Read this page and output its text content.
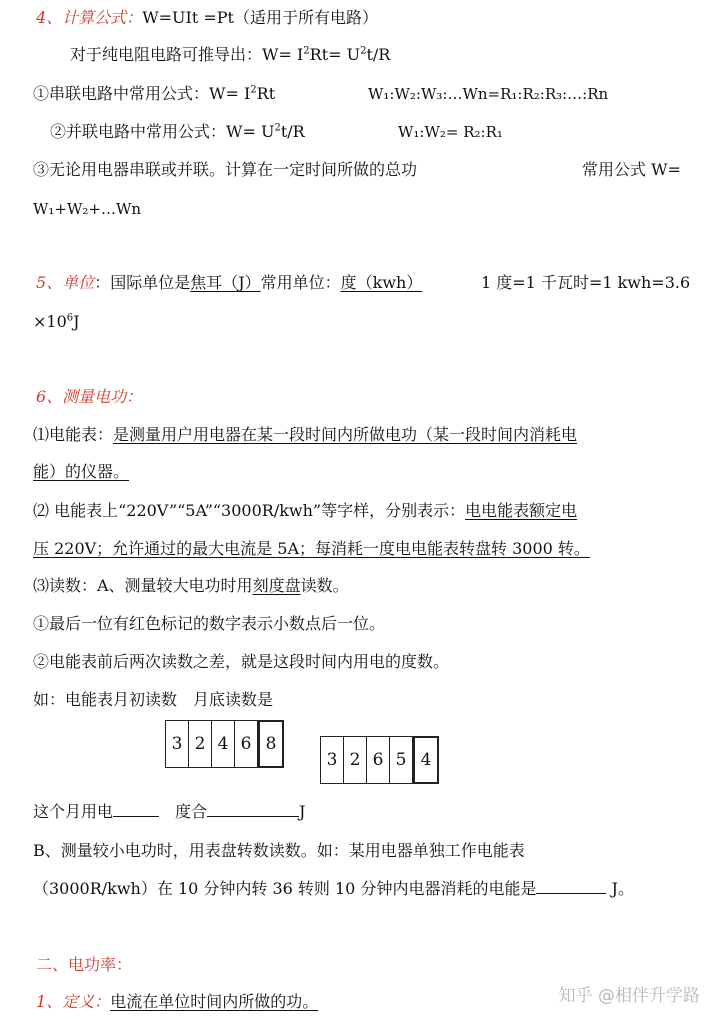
4、计算公式：W=UIt =Pt（适用于所有电路）
对于纯电阻电路可推导出：$W= I^2Rt= U^2t/R$
①串联电路中常用公式：$W= I^2Rt$	W₁:W₂:W₃:…Wn=R₁:R₂:R₃:…:Rn
②并联电路中常用公式：$W= U^2t/R$	W₁:W₂= R₂:R₁
③无论用电器串联或并联。计算在一定时间所做的总功	常用公式 W=
W₁+W₂+…Wn
5、单位：国际单位是焦耳（J）常用单位：度（kwh）	1 度=1 千瓦时=1 kwh=3.6
$\times 10^6J$
6、测量电功：
⑴电能表：是测量用户用电器在某一段时间内所做电功（某一段时间内消耗电
能）的仪器。
⑵ 电能表上“220V”“5A”“3000R/kwh”等字样，分别表示：电电能表额定电
压 220V；允许通过的最大电流是 5A；每消耗一度电电能表转盘转 3000 转。
⑶读数：A、测量较大电功时用刻度盘读数。
①最后一位有红色标记的数字表示小数点后一位。
②电能表前后两次读数之差，就是这段时间内用电的度数。
如：电能表月初读数　月底读数是
3 2 4 6 8
3 2 6 5 4
这个月用电　	度合	J
B、测量较小电功时，用表盘转数读数。如：某用电器单独工作电能表
（3000R/kwh）在 10 分钟内转 36 转则 10 分钟内电器消耗的电能是	J。
二、电功率：
1、定义：电流在单位时间内所做的功。	知乎 @相伴升学路
